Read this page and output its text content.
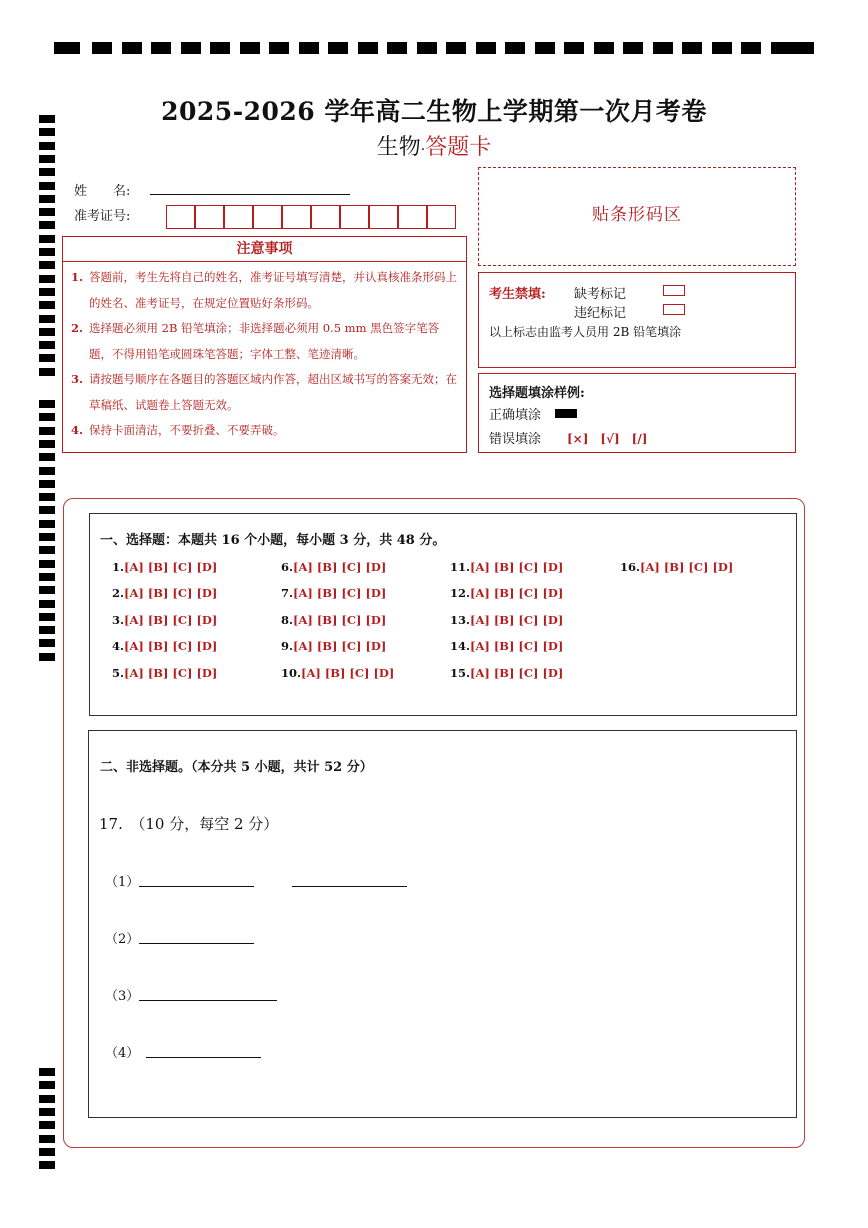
2025-2026 学年高二生物上学期第一次月考卷
生物·答题卡
姓　　名:
准考证号:
注意事项
1. 答题前，考生先将自己的姓名，准考证号填写清楚，并认真核准条形码上的姓名、准考证号，在规定位置贴好条形码。
2. 选择题必须用 2B 铅笔填涂；非选择题必须用 0.5 mm 黑色签字笔答题，不得用铅笔或圆珠笔答题；字体工整、笔迹清晰。
3. 请按题号顺序在各题目的答题区域内作答，超出区域书写的答案无效；在草稿纸、试题卷上答题无效。
4. 保持卡面清洁，不要折叠、不要弄破。
贴条形码区
考生禁填: 缺考标记
违纪标记
以上标志由监考人员用 2B 铅笔填涂
选择题填涂样例:
正确填涂
错误填涂 [×]　[√]　[/]
一、选择题：本题共 16 个小题，每小题 3 分，共 48 分。
1.[A] [B] [C] [D]
2.[A] [B] [C] [D]
3.[A] [B] [C] [D]
4.[A] [B] [C] [D]
5.[A] [B] [C] [D]
6.[A] [B] [C] [D]
7.[A] [B] [C] [D]
8.[A] [B] [C] [D]
9.[A] [B] [C] [D]
10.[A] [B] [C] [D]
11.[A] [B] [C] [D]
12.[A] [B] [C] [D]
13.[A] [B] [C] [D]
14.[A] [B] [C] [D]
15.[A] [B] [C] [D]
16.[A] [B] [C] [D]
二、非选择题。（本分共 5 小题，共计 52 分）
17.　（10 分，每空 2 分）
（1）
（2）
（3）
（4）
